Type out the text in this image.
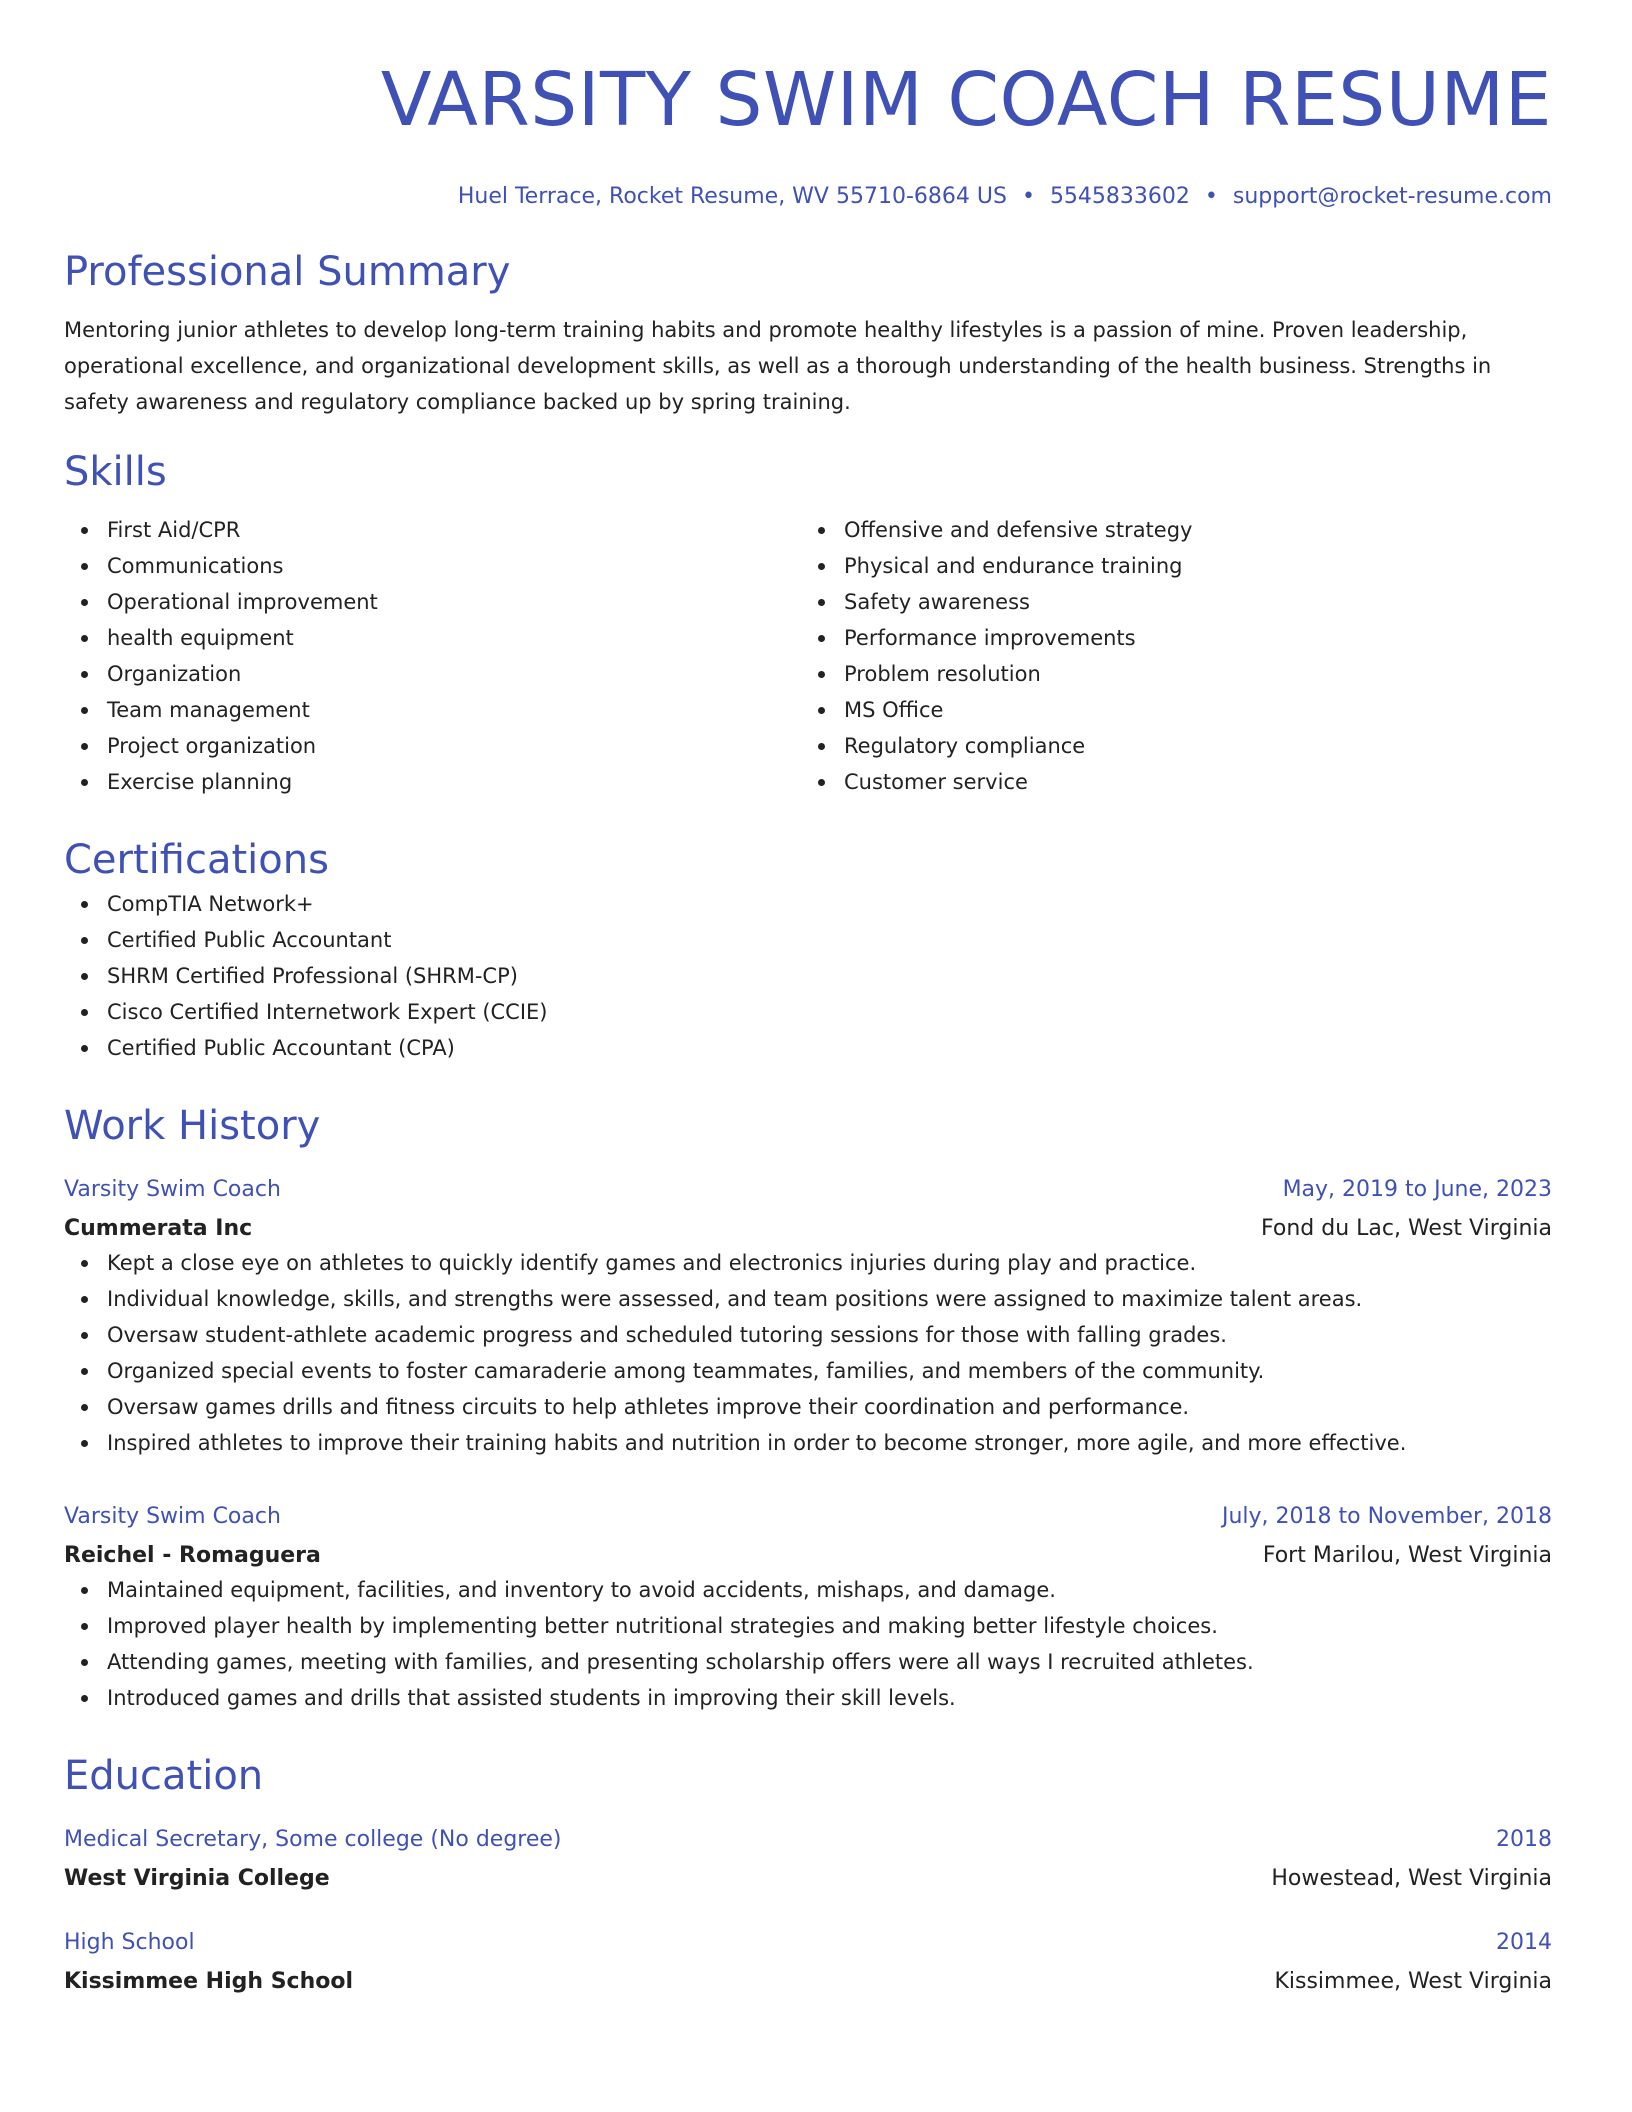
VARSITY SWIM COACH RESUME
Huel Terrace, Rocket Resume, WV 55710-6864 US • 5545833602 • support@rocket-resume.com
Professional Summary

Mentoring junior athletes to develop long-term training habits and promote healthy lifestyles is a passion of mine. Proven leadership, operational excellence, and organizational development skills, as well as a thorough understanding of the health business. Strengths in safety awareness and regulatory compliance backed up by spring training.

Skills
First Aid/CPR
Communications
Operational improvement
health equipment
Organization
Team management
Project organization
Exercise planning
Offensive and defensive strategy
Physical and endurance training
Safety awareness
Performance improvements
Problem resolution
MS Office
Regulatory compliance
Customer service
Certifications
CompTIA Network+
Certified Public Accountant
SHRM Certified Professional (SHRM-CP)
Cisco Certified Internetwork Expert (CCIE)
Certified Public Accountant (CPA)
Work History
Varsity Swim Coach	May, 2019 to June, 2023
Cummerata Inc	Fond du Lac, West Virginia
Kept a close eye on athletes to quickly identify games and electronics injuries during play and practice.
Individual knowledge, skills, and strengths were assessed, and team positions were assigned to maximize talent areas.
Oversaw student-athlete academic progress and scheduled tutoring sessions for those with falling grades.
Organized special events to foster camaraderie among teammates, families, and members of the community.
Oversaw games drills and fitness circuits to help athletes improve their coordination and performance.
Inspired athletes to improve their training habits and nutrition in order to become stronger, more agile, and more effective.
Varsity Swim Coach	July, 2018 to November, 2018
Reichel - Romaguera	Fort Marilou, West Virginia
Maintained equipment, facilities, and inventory to avoid accidents, mishaps, and damage.
Improved player health by implementing better nutritional strategies and making better lifestyle choices.
Attending games, meeting with families, and presenting scholarship offers were all ways I recruited athletes.
Introduced games and drills that assisted students in improving their skill levels.
Education
Medical Secretary, Some college (No degree)	2018
West Virginia College	Howestead, West Virginia
High School	2014
Kissimmee High School	Kissimmee, West Virginia
